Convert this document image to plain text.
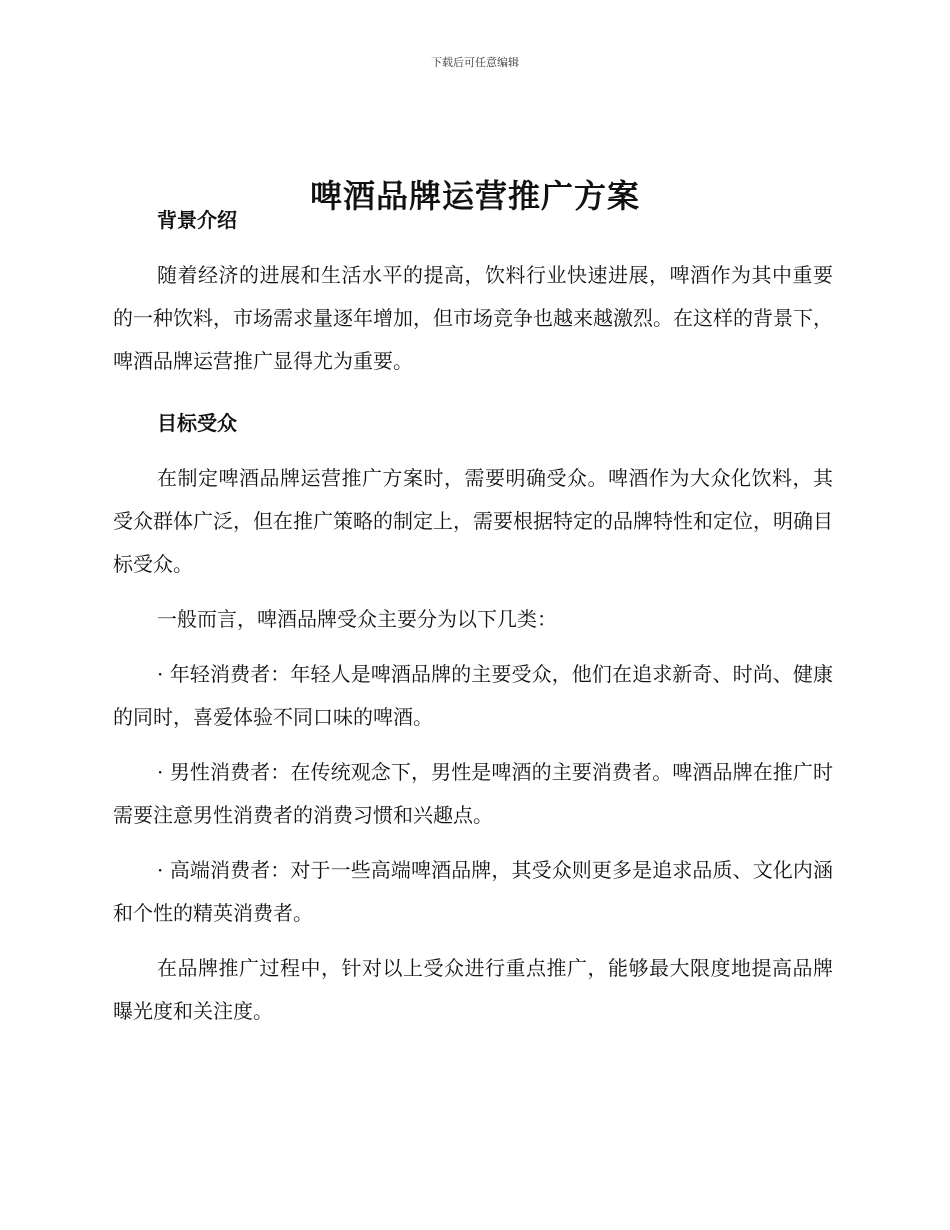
下载后可任意编辑
啤酒品牌运营推广方案
背景介绍

随着经济的进展和生活水平的提高，饮料行业快速进展，啤酒作为其中重要的一种饮料，市场需求量逐年增加，但市场竞争也越来越激烈。在这样的背景下，啤酒品牌运营推广显得尤为重要。

目标受众

在制定啤酒品牌运营推广方案时，需要明确受众。啤酒作为大众化饮料，其受众群体广泛，但在推广策略的制定上，需要根据特定的品牌特性和定位，明确目标受众。

一般而言，啤酒品牌受众主要分为以下几类：

· 年轻消费者：年轻人是啤酒品牌的主要受众，他们在追求新奇、时尚、健康的同时，喜爱体验不同口味的啤酒。

· 男性消费者：在传统观念下，男性是啤酒的主要消费者。啤酒品牌在推广时需要注意男性消费者的消费习惯和兴趣点。

· 高端消费者：对于一些高端啤酒品牌，其受众则更多是追求品质、文化内涵和个性的精英消费者。

在品牌推广过程中，针对以上受众进行重点推广，能够最大限度地提高品牌曝光度和关注度。
